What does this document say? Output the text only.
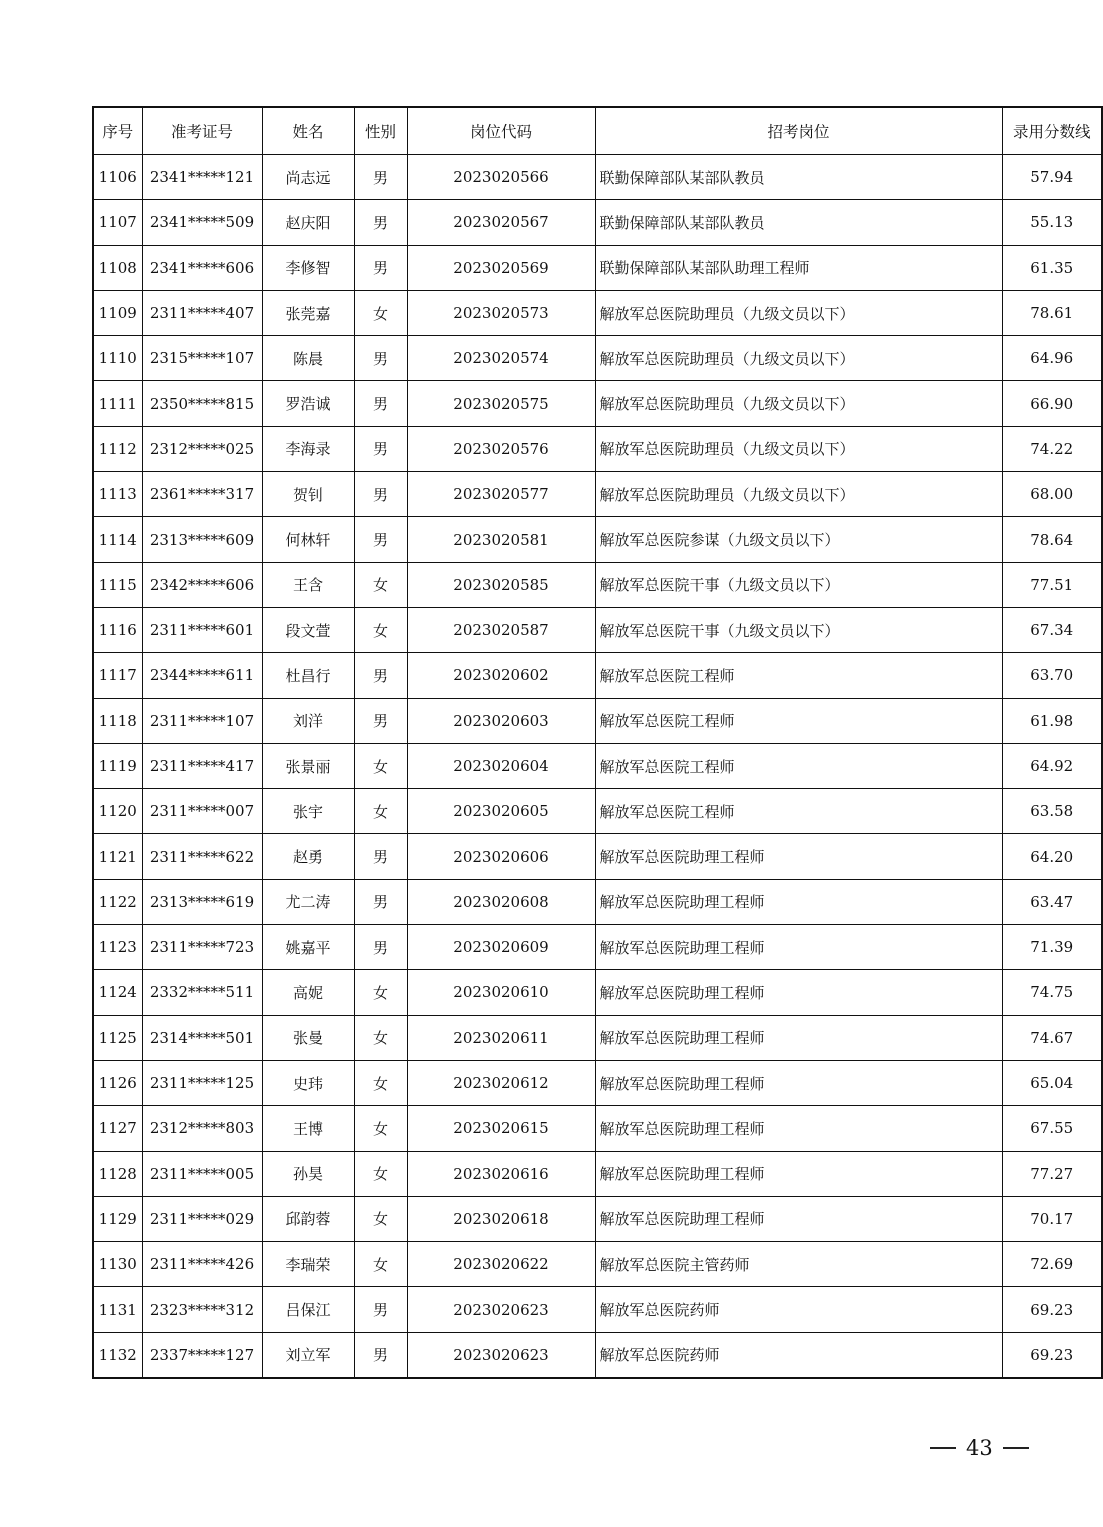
序号	准考证号	姓名	性别	岗位代码	招考岗位	录用分数线
1106	2341*****121	尚志远	男	2023020566	联勤保障部队某部队教员	57.94
1107	2341*****509	赵庆阳	男	2023020567	联勤保障部队某部队教员	55.13
1108	2341*****606	李修智	男	2023020569	联勤保障部队某部队助理工程师	61.35
1109	2311*****407	张莞嘉	女	2023020573	解放军总医院助理员（九级文员以下）	78.61
1110	2315*****107	陈晨	男	2023020574	解放军总医院助理员（九级文员以下）	64.96
1111	2350*****815	罗浩诚	男	2023020575	解放军总医院助理员（九级文员以下）	66.90
1112	2312*****025	李海录	男	2023020576	解放军总医院助理员（九级文员以下）	74.22
1113	2361*****317	贺钊	男	2023020577	解放军总医院助理员（九级文员以下）	68.00
1114	2313*****609	何林轩	男	2023020581	解放军总医院参谋（九级文员以下）	78.64
1115	2342*****606	王含	女	2023020585	解放军总医院干事（九级文员以下）	77.51
1116	2311*****601	段文萱	女	2023020587	解放军总医院干事（九级文员以下）	67.34
1117	2344*****611	杜昌行	男	2023020602	解放军总医院工程师	63.70
1118	2311*****107	刘洋	男	2023020603	解放军总医院工程师	61.98
1119	2311*****417	张景丽	女	2023020604	解放军总医院工程师	64.92
1120	2311*****007	张宇	女	2023020605	解放军总医院工程师	63.58
1121	2311*****622	赵勇	男	2023020606	解放军总医院助理工程师	64.20
1122	2313*****619	尤二涛	男	2023020608	解放军总医院助理工程师	63.47
1123	2311*****723	姚嘉平	男	2023020609	解放军总医院助理工程师	71.39
1124	2332*****511	高妮	女	2023020610	解放军总医院助理工程师	74.75
1125	2314*****501	张曼	女	2023020611	解放军总医院助理工程师	74.67
1126	2311*****125	史玮	女	2023020612	解放军总医院助理工程师	65.04
1127	2312*****803	王博	女	2023020615	解放军总医院助理工程师	67.55
1128	2311*****005	孙昊	女	2023020616	解放军总医院助理工程师	77.27
1129	2311*****029	邱韵蓉	女	2023020618	解放军总医院助理工程师	70.17
1130	2311*****426	李瑞荣	女	2023020622	解放军总医院主管药师	72.69
1131	2323*****312	吕保江	男	2023020623	解放军总医院药师	69.23
1132	2337*****127	刘立军	男	2023020623	解放军总医院药师	69.23
43
